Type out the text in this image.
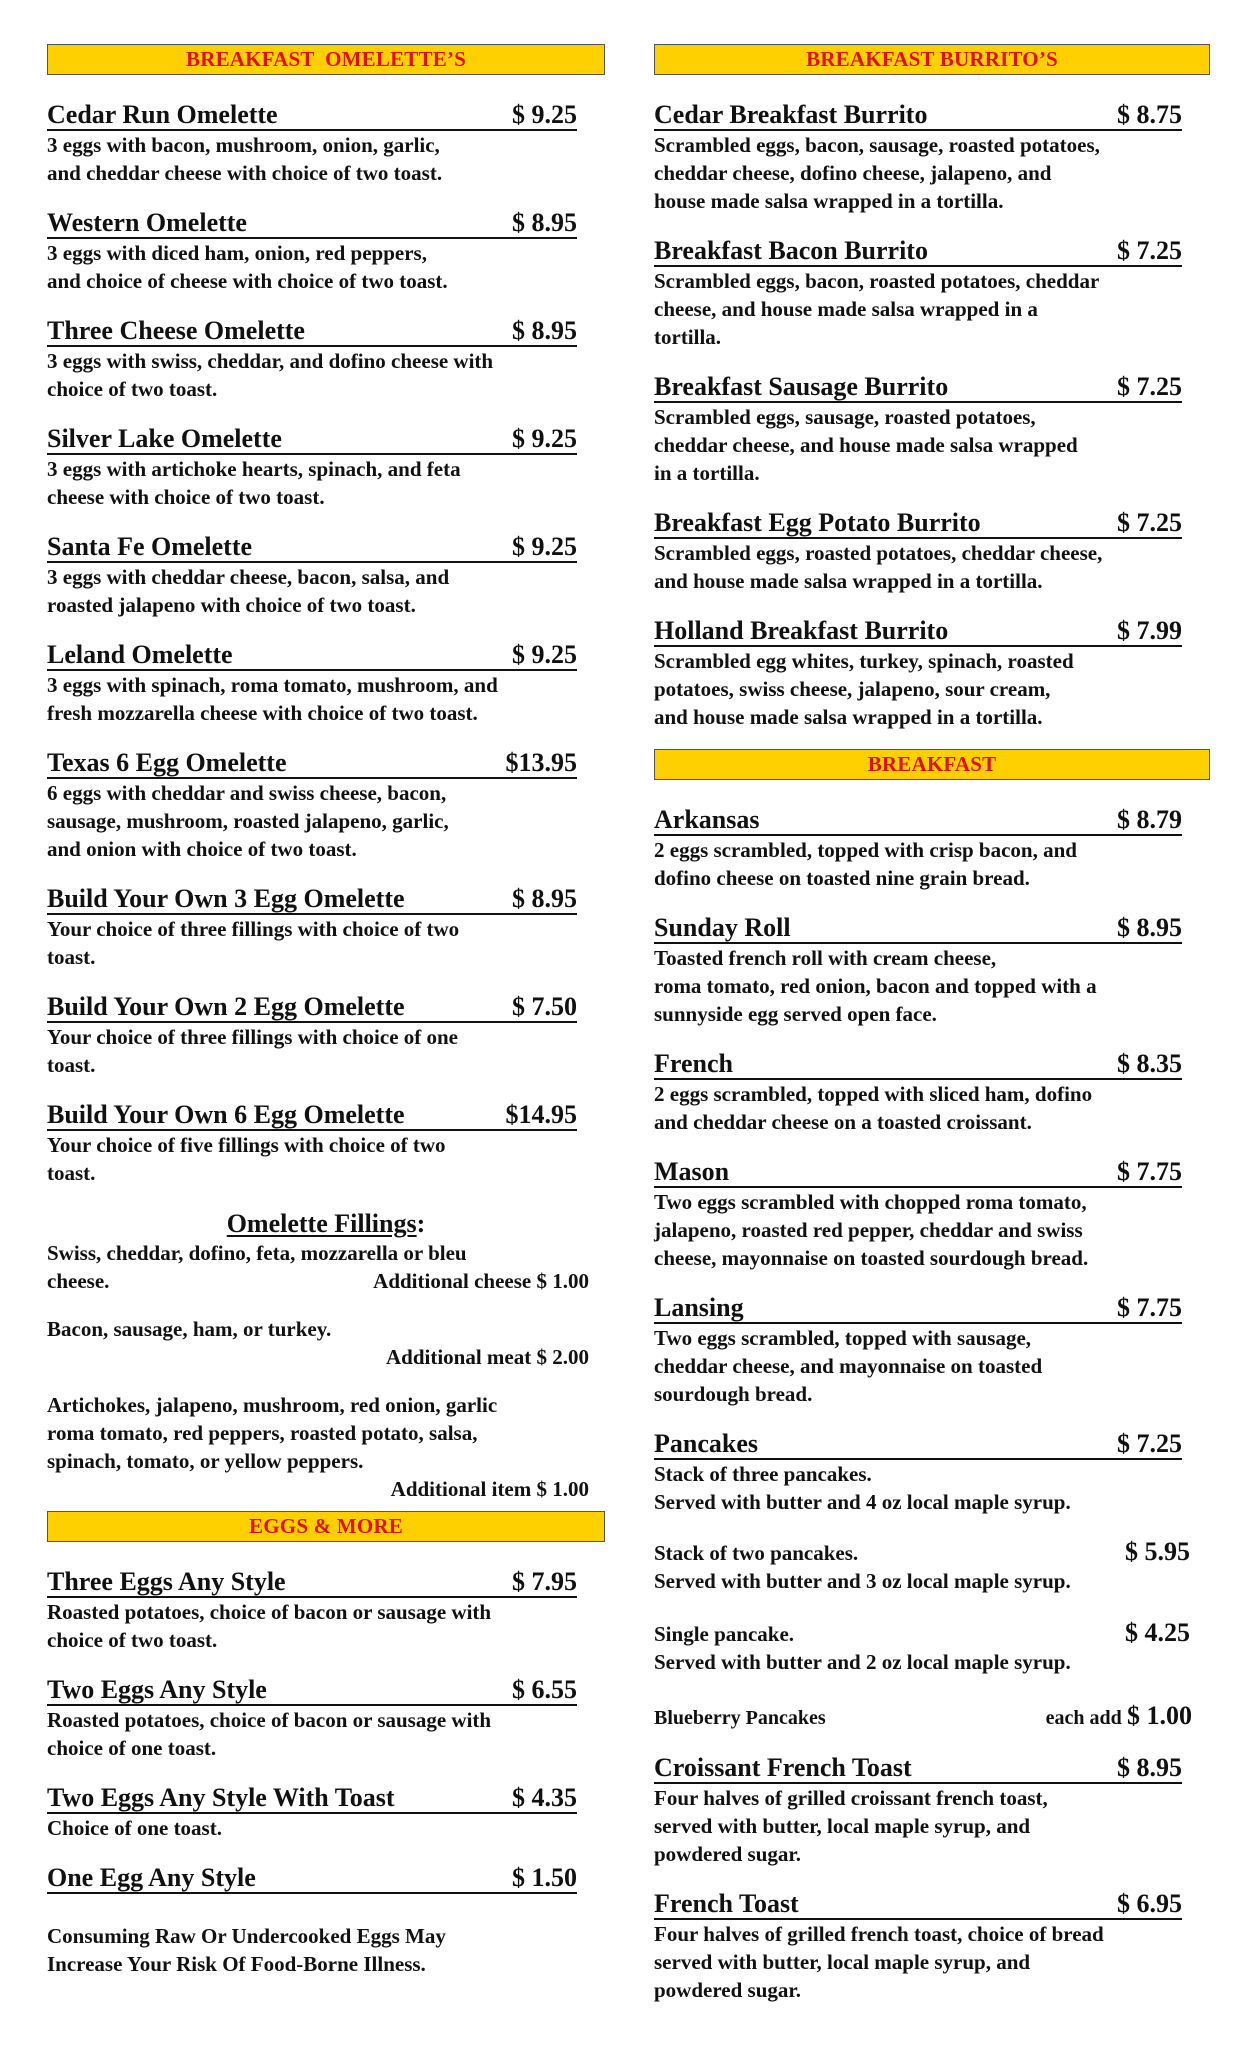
BREAKFAST  OMELETTE’S
Cedar Run Omelette	$ 9.25
3 eggs with bacon, mushroom, onion, garlic,
and cheddar cheese with choice of two toast.
Western Omelette	$ 8.95
3 eggs with diced ham, onion, red peppers,
and choice of cheese with choice of two toast.
Three Cheese Omelette	$ 8.95
3 eggs with swiss, cheddar, and dofino cheese with
choice of two toast.
Silver Lake Omelette	$ 9.25
3 eggs with artichoke hearts, spinach, and feta
cheese with choice of two toast.
Santa Fe Omelette	$ 9.25
3 eggs with cheddar cheese, bacon, salsa, and
roasted jalapeno with choice of two toast.
Leland Omelette	$ 9.25
3 eggs with spinach, roma tomato, mushroom, and
fresh mozzarella cheese with choice of two toast.
Texas 6 Egg Omelette	$13.95
6 eggs with cheddar and swiss cheese, bacon,
sausage, mushroom, roasted jalapeno, garlic,
and onion with choice of two toast.
Build Your Own 3 Egg Omelette	$ 8.95
Your choice of three fillings with choice of two
toast.
Build Your Own 2 Egg Omelette	$ 7.50
Your choice of three fillings with choice of one
toast.
Build Your Own 6 Egg Omelette	$14.95
Your choice of five fillings with choice of two
toast.
Omelette Fillings:
Swiss, cheddar, dofino, feta, mozzarella or bleu
cheese.	Additional cheese $ 1.00
Bacon, sausage, ham, or turkey.
Additional meat $ 2.00
Artichokes, jalapeno, mushroom, red onion, garlic
roma tomato, red peppers, roasted potato, salsa,
spinach, tomato, or yellow peppers.
Additional item $ 1.00
EGGS & MORE
Three Eggs Any Style	$ 7.95
Roasted potatoes, choice of bacon or sausage with
choice of two toast.
Two Eggs Any Style	$ 6.55
Roasted potatoes, choice of bacon or sausage with
choice of one toast.
Two Eggs Any Style With Toast	$ 4.35
Choice of one toast.
One Egg Any Style	$ 1.50
Consuming Raw Or Undercooked Eggs May
Increase Your Risk Of Food-Borne Illness.
BREAKFAST BURRITO’S
Cedar Breakfast Burrito	$ 8.75
Scrambled eggs, bacon, sausage, roasted potatoes,
cheddar cheese, dofino cheese, jalapeno, and
house made salsa wrapped in a tortilla.
Breakfast Bacon Burrito	$ 7.25
Scrambled eggs, bacon, roasted potatoes, cheddar
cheese, and house made salsa wrapped in a
tortilla.
Breakfast Sausage Burrito	$ 7.25
Scrambled eggs, sausage, roasted potatoes,
cheddar cheese, and house made salsa wrapped
in a tortilla.
Breakfast Egg Potato Burrito	$ 7.25
Scrambled eggs, roasted potatoes, cheddar cheese,
and house made salsa wrapped in a tortilla.
Holland Breakfast Burrito	$ 7.99
Scrambled egg whites, turkey, spinach, roasted
potatoes, swiss cheese, jalapeno, sour cream,
and house made salsa wrapped in a tortilla.
BREAKFAST
Arkansas	$ 8.79
2 eggs scrambled, topped with crisp bacon, and
dofino cheese on toasted nine grain bread.
Sunday Roll	$ 8.95
Toasted french roll with cream cheese,
roma tomato, red onion, bacon and topped with a
sunnyside egg served open face.
French	$ 8.35
2 eggs scrambled, topped with sliced ham, dofino
and cheddar cheese on a toasted croissant.
Mason	$ 7.75
Two eggs scrambled with chopped roma tomato,
jalapeno, roasted red pepper, cheddar and swiss
cheese, mayonnaise on toasted sourdough bread.
Lansing	$ 7.75
Two eggs scrambled, topped with sausage,
cheddar cheese, and mayonnaise on toasted
sourdough bread.
Pancakes	$ 7.25
Stack of three pancakes.
Served with butter and 4 oz local maple syrup.
Stack of two pancakes.	$ 5.95
Served with butter and 3 oz local maple syrup.
Single pancake.	$ 4.25
Served with butter and 2 oz local maple syrup.
Blueberry Pancakes	each add $ 1.00
Croissant French Toast	$ 8.95
Four halves of grilled croissant french toast,
served with butter, local maple syrup, and
powdered sugar.
French Toast	$ 6.95
Four halves of grilled french toast, choice of bread
served with butter, local maple syrup, and
powdered sugar.
